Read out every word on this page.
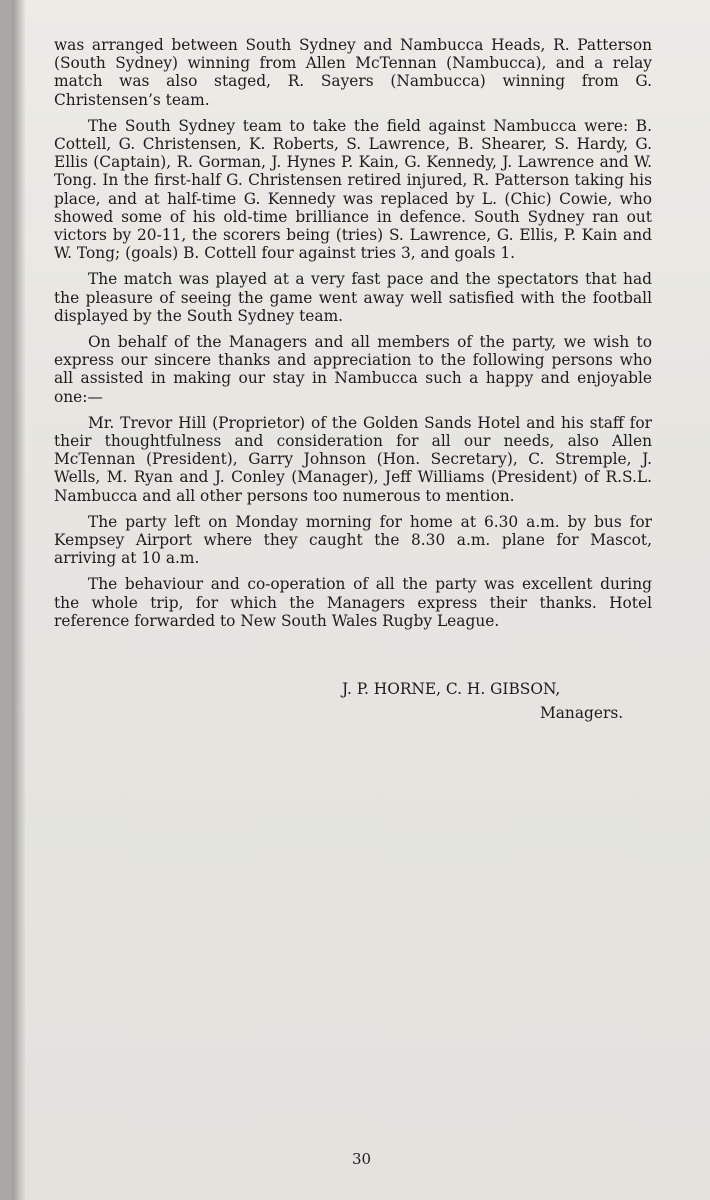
was arranged between South Sydney and Nambucca Heads, R. Patterson (South Sydney) winning from Allen McTennan (Nambucca), and a relay match was also staged, R. Sayers (Nambucca) winning from G. Christensen’s team.

The South Sydney team to take the field against Nambucca were: B. Cottell, G. Christensen, K. Roberts, S. Lawrence, B. Shearer, S. Hardy, G. Ellis (Captain), R. Gorman, J. Hynes P. Kain, G. Kennedy, J. Lawrence and W. Tong. In the first-half G. Christensen retired injured, R. Patterson taking his place, and at half-time G. Kennedy was replaced by L. (Chic) Cowie, who showed some of his old-time brilliance in defence. South Sydney ran out victors by 20-11, the scorers being (tries) S. Lawrence, G. Ellis, P. Kain and W. Tong; (goals) B. Cottell four against tries 3, and goals 1.

The match was played at a very fast pace and the spectators that had the pleasure of seeing the game went away well satisfied with the football displayed by the South Sydney team.

On behalf of the Managers and all members of the party, we wish to express our sincere thanks and appreciation to the following persons who all assisted in making our stay in Nambucca such a happy and enjoyable one:—

Mr. Trevor Hill (Proprietor) of the Golden Sands Hotel and his staff for their thoughtfulness and consideration for all our needs, also Allen McTennan (President), Garry Johnson (Hon. Secretary), C. Stremple, J. Wells, M. Ryan and J. Conley (Manager), Jeff Williams (President) of R.S.L. Nambucca and all other persons too numerous to mention.

The party left on Monday morning for home at 6.30 a.m. by bus for Kempsey Airport where they caught the 8.30 a.m. plane for Mascot, arriving at 10 a.m.

The behaviour and co-operation of all the party was excellent during the whole trip, for which the Managers express their thanks. Hotel reference forwarded to New South Wales Rugby League.

J. P. HORNE, C. H. GIBSON,
Managers.
30
